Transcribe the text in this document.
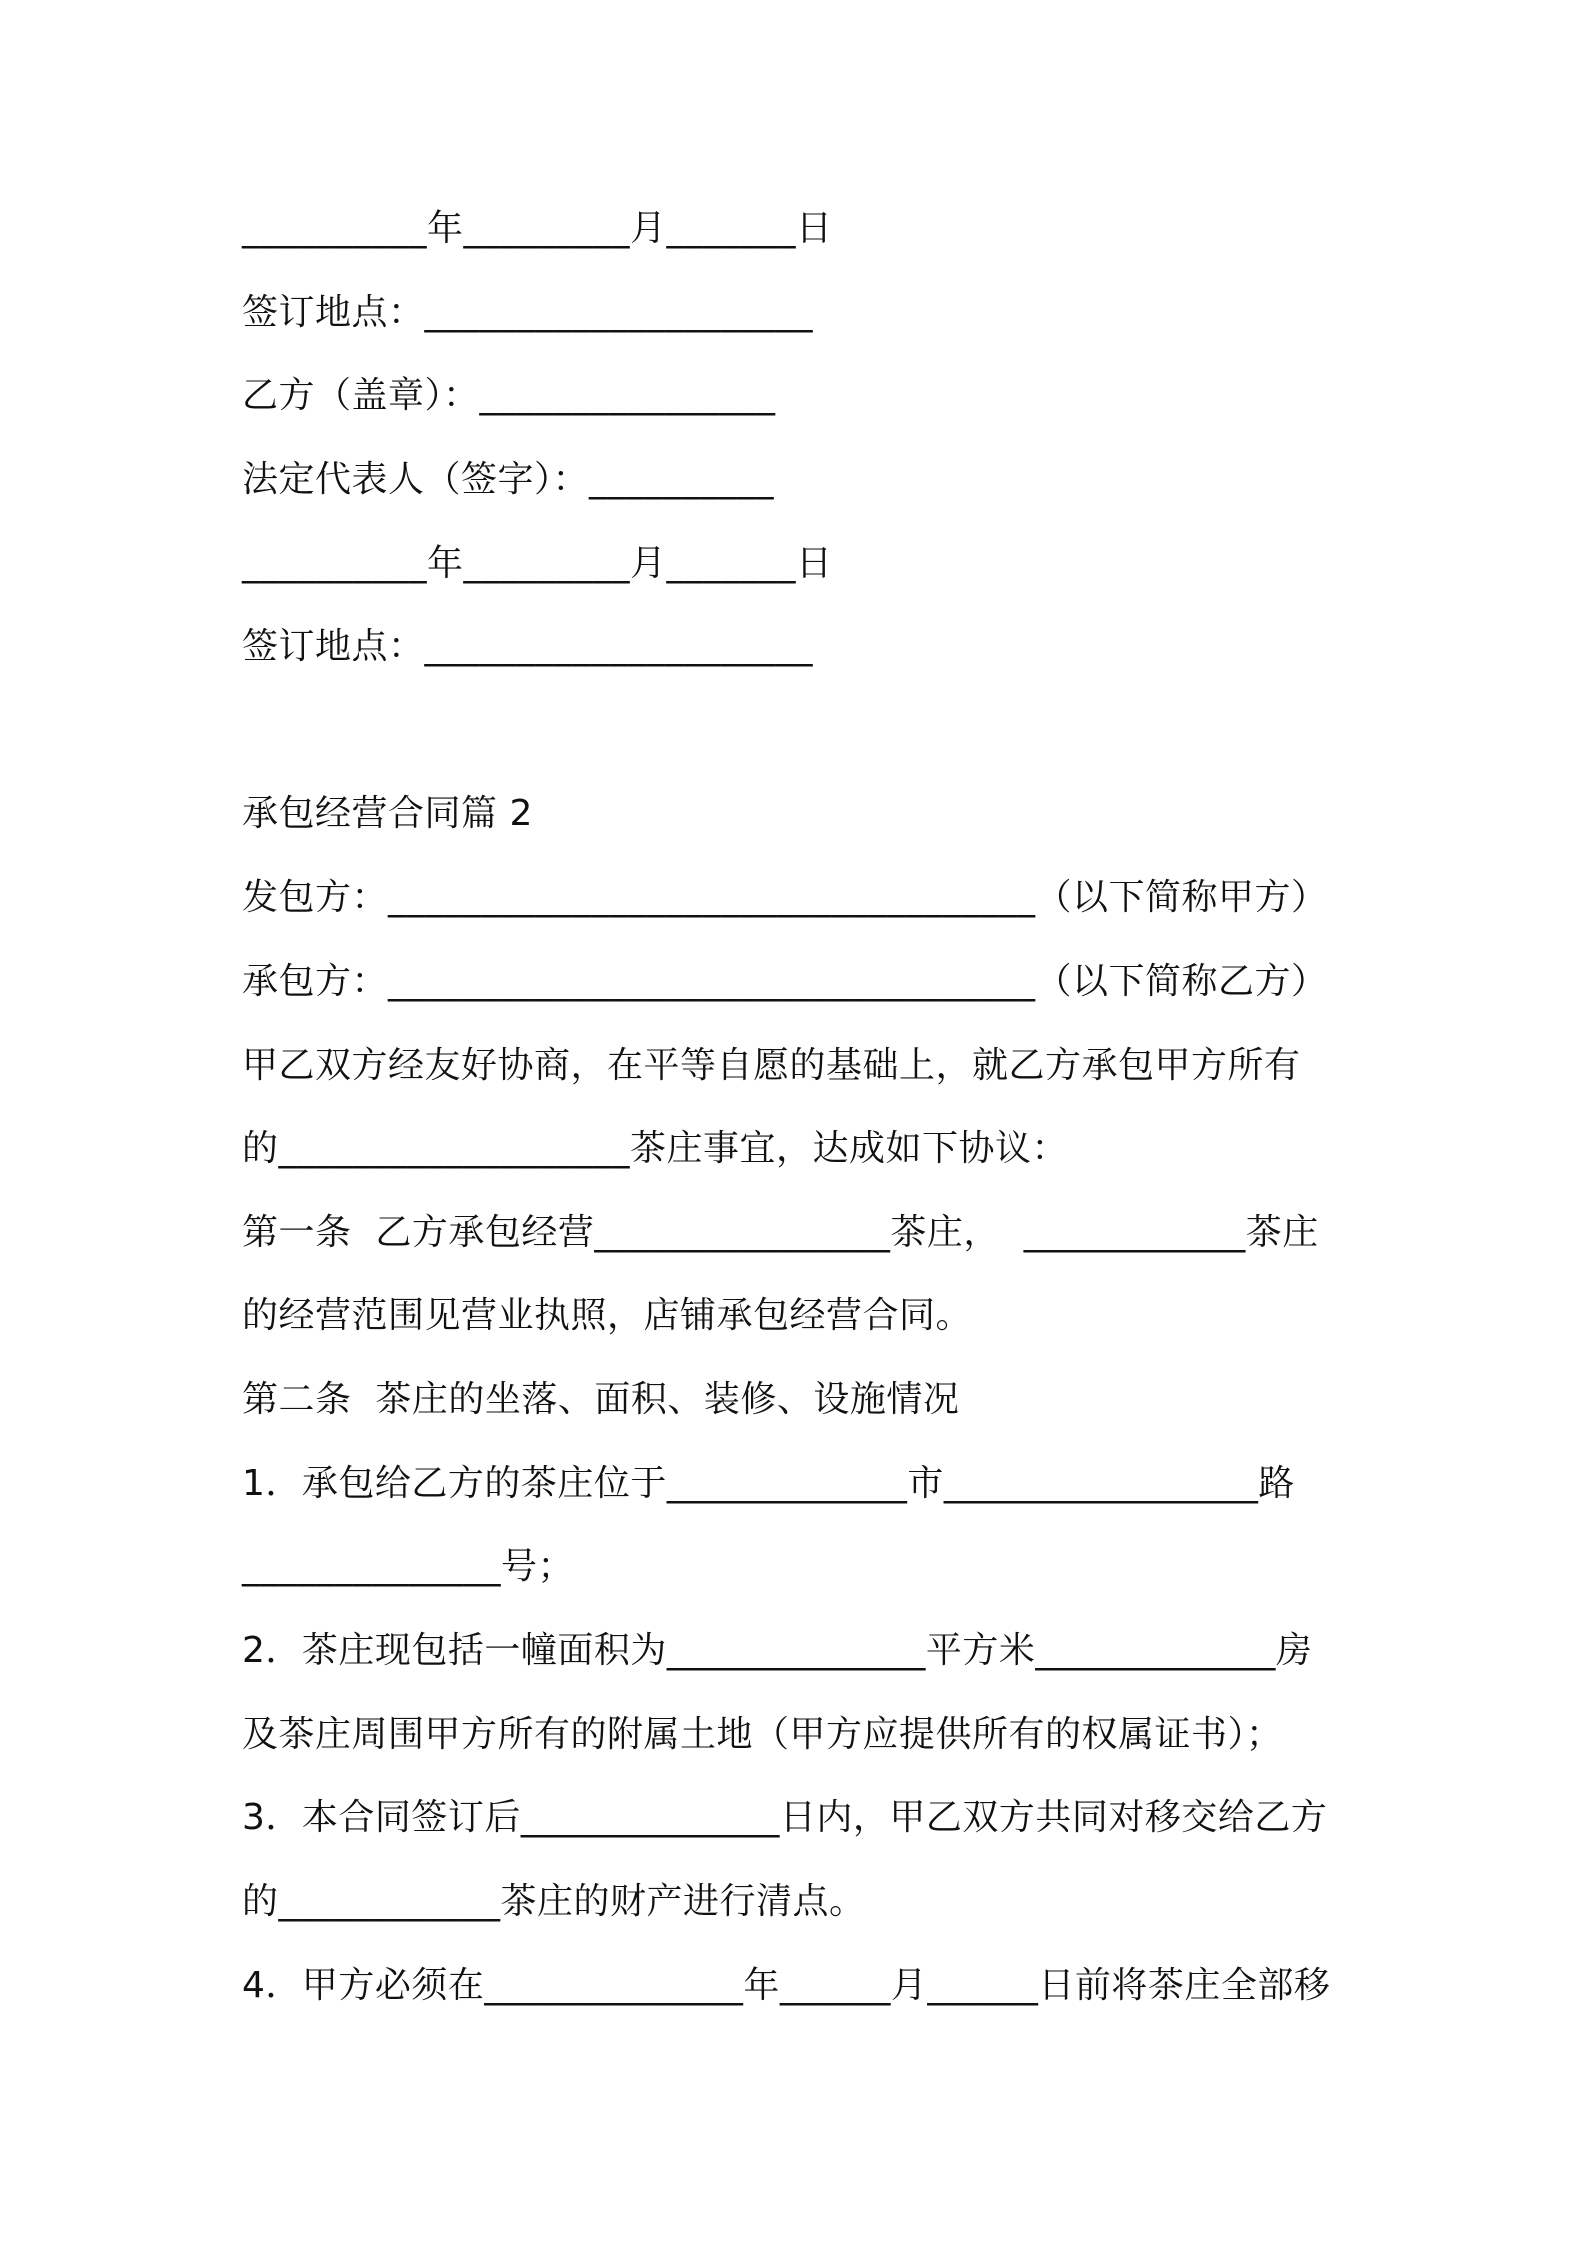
__________年_________月_______日
签订地点：_____________________
乙方（盖章）：________________
法定代表人（签字）：__________
__________年_________月_______日
签订地点：_____________________
承包经营合同篇 2
发包方：___________________________________（以下简称甲方）
承包方：___________________________________（以下简称乙方）
甲乙双方经友好协商，在平等自愿的基础上，就乙方承包甲方所有
的___________________茶庄事宜，达成如下协议：
第一条  乙方承包经营________________茶庄，  ____________茶庄
的经营范围见营业执照，店铺承包经营合同。
第二条  茶庄的坐落、面积、装修、设施情况
1．承包给乙方的茶庄位于_____________市_________________路
______________号；
2．茶庄现包括一幢面积为______________平方米_____________房
及茶庄周围甲方所有的附属土地（甲方应提供所有的权属证书）；
3．本合同签订后______________日内，甲乙双方共同对移交给乙方
的____________茶庄的财产进行清点。
4．甲方必须在______________年______月______日前将茶庄全部移
